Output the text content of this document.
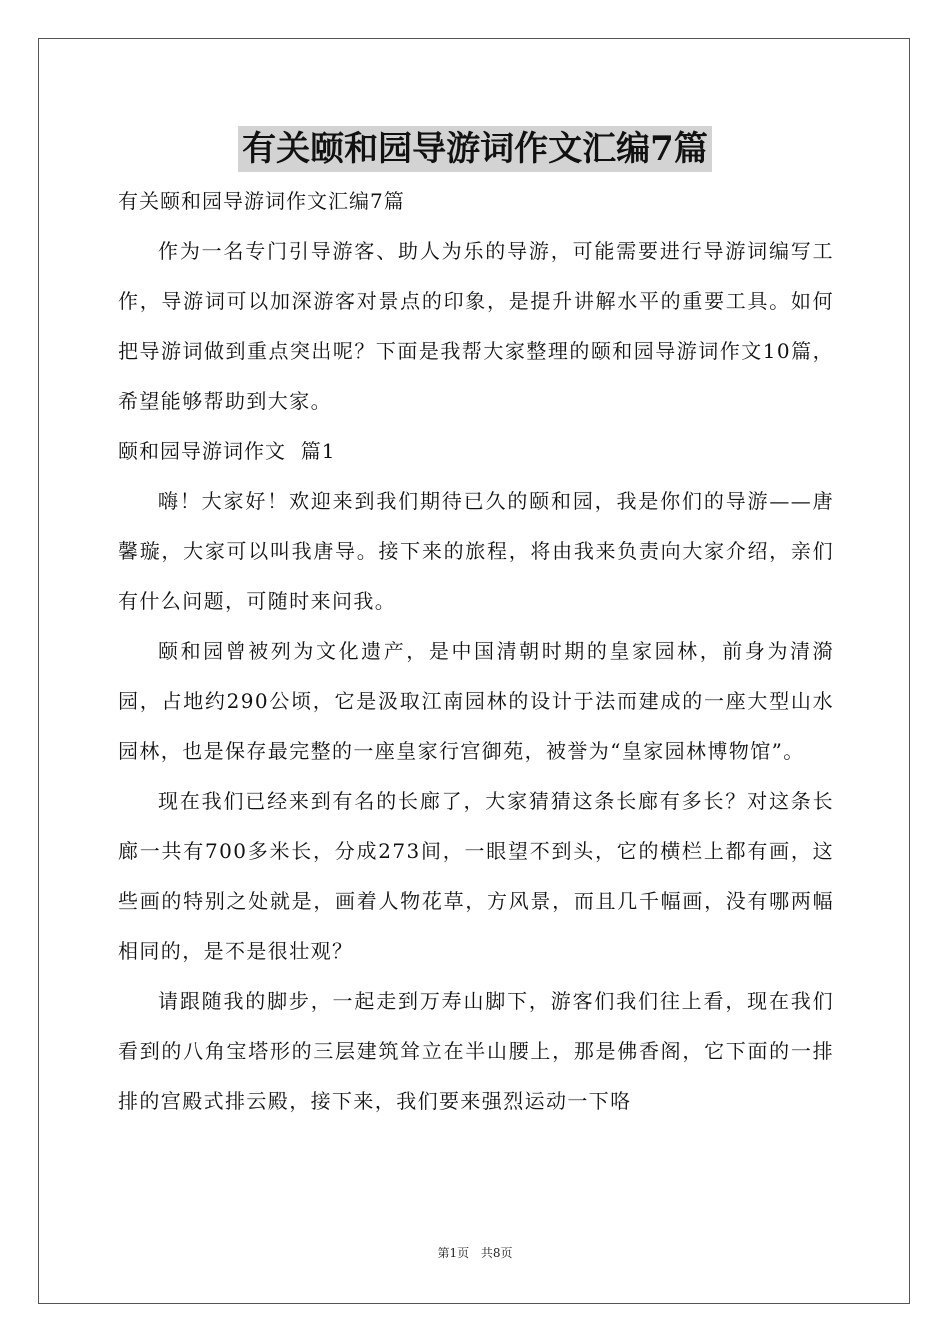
有关颐和园导游词作文汇编7篇

有关颐和园导游词作文汇编7篇

作为一名专门引导游客、助人为乐的导游，可能需要进行导游词编写工作，导游词可以加深游客对景点的印象，是提升讲解水平的重要工具。如何把导游词做到重点突出呢？下面是我帮大家整理的颐和园导游词作文10篇，希望能够帮助到大家。

颐和园导游词作文  篇1

嗨！大家好！欢迎来到我们期待已久的颐和园，我是你们的导游——唐馨璇，大家可以叫我唐导。接下来的旅程，将由我来负责向大家介绍，亲们有什么问题，可随时来问我。

颐和园曾被列为文化遗产，是中国清朝时期的皇家园林，前身为清漪园，占地约290公顷，它是汲取江南园林的设计于法而建成的一座大型山水园林，也是保存最完整的一座皇家行宫御苑，被誉为“皇家园林博物馆”。

现在我们已经来到有名的长廊了，大家猜猜这条长廊有多长？对这条长廊一共有700多米长，分成273间，一眼望不到头，它的横栏上都有画，这些画的特别之处就是，画着人物花草，方风景，而且几千幅画，没有哪两幅相同的，是不是很壮观？

请跟随我的脚步，一起走到万寿山脚下，游客们我们往上看，现在我们看到的八角宝塔形的三层建筑耸立在半山腰上，那是佛香阁，它下面的一排排的宫殿式排云殿，接下来，我们要来强烈运动一下咯

第1页 共8页
